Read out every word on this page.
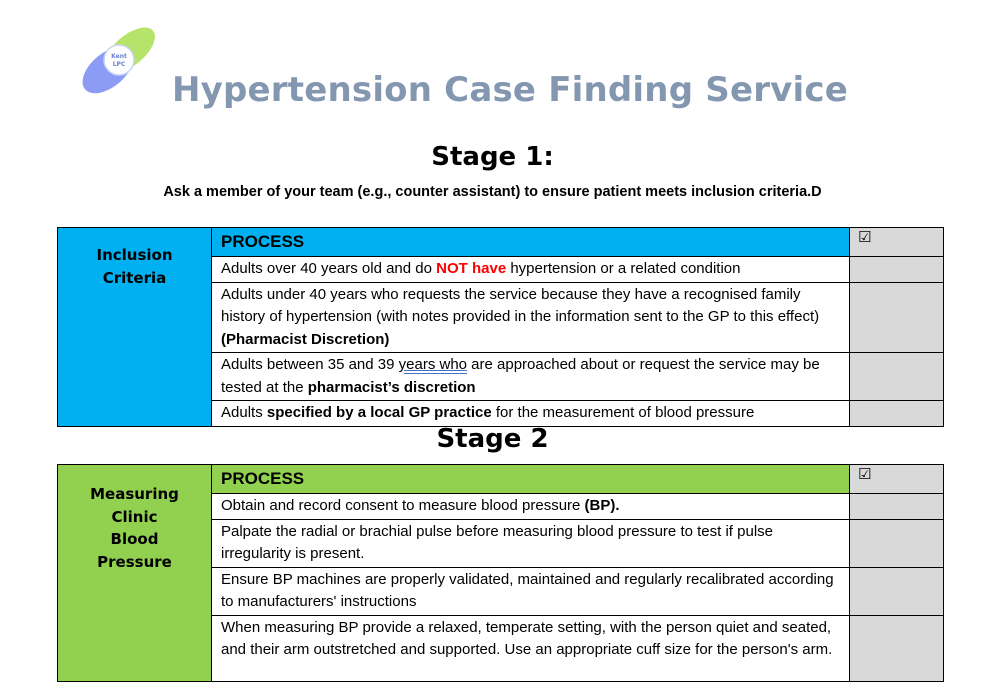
Kent
LPC
Hypertension Case Finding Service
Stage 1:
Ask a member of your team (e.g., counter assistant) to ensure patient meets inclusion criteria.D
Inclusion
Criteria	PROCESS	☑
	Adults over 40 years old and do NOT have hypertension or a related condition	
	Adults under 40 years who requests the service because they have a recognised family history of hypertension (with notes provided in the information sent to the GP to this effect) (Pharmacist Discretion)	
	Adults between 35 and 39 years who are approached about or request the service may be tested at the pharmacist’s discretion	
	Adults specified by a local GP practice for the measurement of blood pressure	
Stage 2
Measuring
Clinic
Blood
Pressure	PROCESS	☑
	Obtain and record consent to measure blood pressure (BP).	
	Palpate the radial or brachial pulse before measuring blood pressure to test if pulse irregularity is present.	
	Ensure BP machines are properly validated, maintained and regularly recalibrated according to manufacturers' instructions	
	When measuring BP provide a relaxed, temperate setting, with the person quiet and seated, and their arm outstretched and supported. Use an appropriate cuff size for the person's arm.	
